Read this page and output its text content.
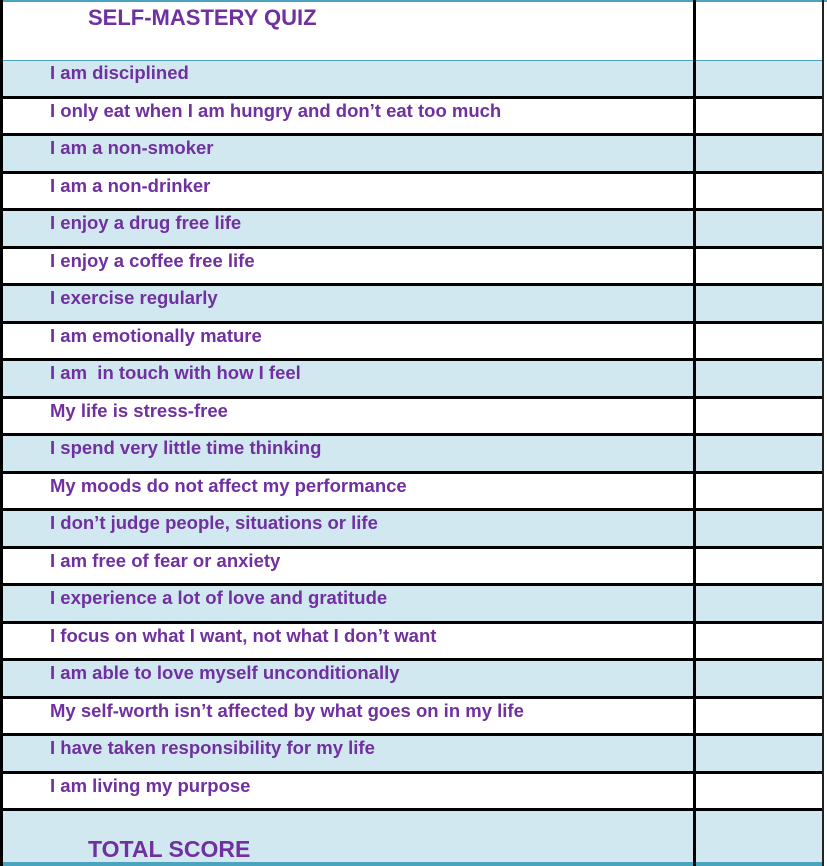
SELF-MASTERY QUIZ
I am disciplined
I only eat when I am hungry and don’t eat too much
I am a non-smoker
I am a non-drinker
I enjoy a drug free life
I enjoy a coffee free life
I exercise regularly
I am emotionally mature
I am  in touch with how I feel
My life is stress-free
I spend very little time thinking
My moods do not affect my performance
I don’t judge people, situations or life
I am free of fear or anxiety
I experience a lot of love and gratitude
I focus on what I want, not what I don’t want
I am able to love myself unconditionally
My self-worth isn’t affected by what goes on in my life
I have taken responsibility for my life
I am living my purpose
TOTAL SCORE
